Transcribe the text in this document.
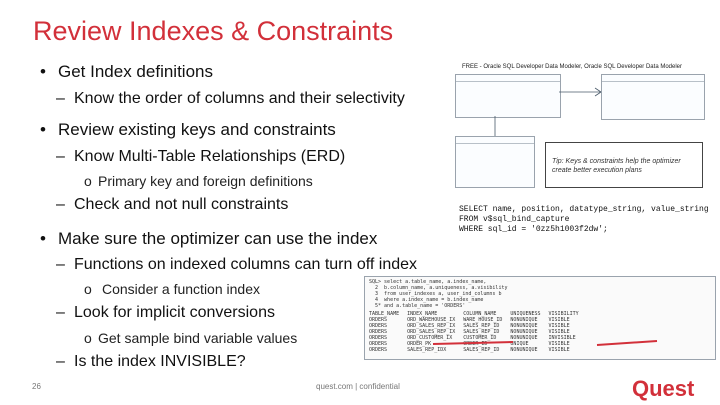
Review Indexes & Constraints
• Get Index definitions
– Know the order of columns and their selectivity
• Review existing keys and constraints
– Know Multi-Table Relationships (ERD)
o Primary key and foreign definitions
– Check and not null constraints
• Make sure the optimizer can use the index
– Functions on indexed columns can turn off index
o Consider a function index
– Look for implicit conversions
o Get sample bind variable values
– Is the index INVISIBLE?
FREE - Oracle SQL Developer Data Modeler, Oracle SQL Developer Data Modeler

Tip: Keys & constraints help the optimizer create better execution plans
SELECT name, position, datatype_string, value_string
FROM v$sql_bind_capture
WHERE sql_id = '0zz5h1003f2dw';
SQL> select a.table_name, a.index_name,
2  b.column_name, a.uniqueness, a.visibility
3  from user_indexes a, user_ind_columns b
4  where a.index_name = b.index_name
5* and a.table_name = 'ORDERS'
TABLE_NAME	INDEX_NAME	COLUMN_NAME	UNIQUENESS	VISIBILITY
ORDERS	ORD_WAREHOUSE_IX	WARE_HOUSE_ID	NONUNIQUE	VISIBLE
ORDERS	ORD_SALES_REP_IX	SALES_REP_ID	NONUNIQUE	VISIBLE
ORDERS	ORD_SALES_REP_IX	SALES_REP_ID	NONUNIQUE	VISIBLE
ORDERS	ORD_CUSTOMER_IX	CUSTOMER_ID	NONUNIQUE	INVISIBLE
ORDERS	ORDER_PK	ORDER_ID	UNIQUE	VISIBLE
ORDERS	SALES_REP_IDX	SALES_REP_ID	NONUNIQUE	VISIBLE
26	quest.com | confidential	Quest
